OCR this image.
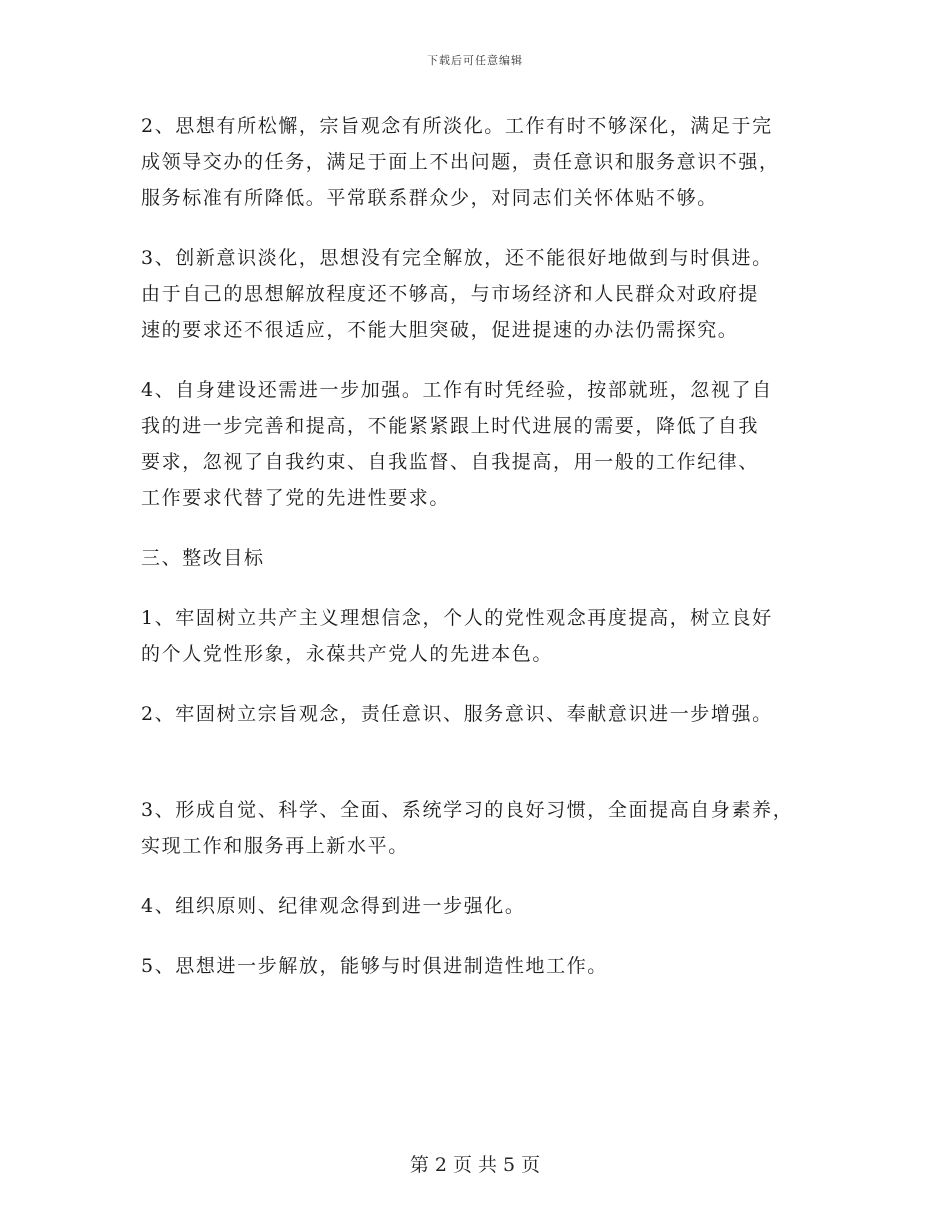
下载后可任意编辑

2、思想有所松懈，宗旨观念有所淡化。工作有时不够深化，满足于完
成领导交办的任务，满足于面上不出问题，责任意识和服务意识不强，
服务标准有所降低。平常联系群众少，对同志们关怀体贴不够。

3、创新意识淡化，思想没有完全解放，还不能很好地做到与时俱进。
由于自己的思想解放程度还不够高，与市场经济和人民群众对政府提
速的要求还不很适应，不能大胆突破，促进提速的办法仍需探究。

4、自身建设还需进一步加强。工作有时凭经验，按部就班，忽视了自
我的进一步完善和提高，不能紧紧跟上时代进展的需要，降低了自我
要求，忽视了自我约束、自我监督、自我提高，用一般的工作纪律、
工作要求代替了党的先进性要求。

三、整改目标

1、牢固树立共产主义理想信念，个人的党性观念再度提高，树立良好
的个人党性形象，永葆共产党人的先进本色。

2、牢固树立宗旨观念，责任意识、服务意识、奉献意识进一步增强。

3、形成自觉、科学、全面、系统学习的良好习惯，全面提高自身素养，
实现工作和服务再上新水平。

4、组织原则、纪律观念得到进一步强化。

5、思想进一步解放，能够与时俱进制造性地工作。

第 2 页 共 5 页
